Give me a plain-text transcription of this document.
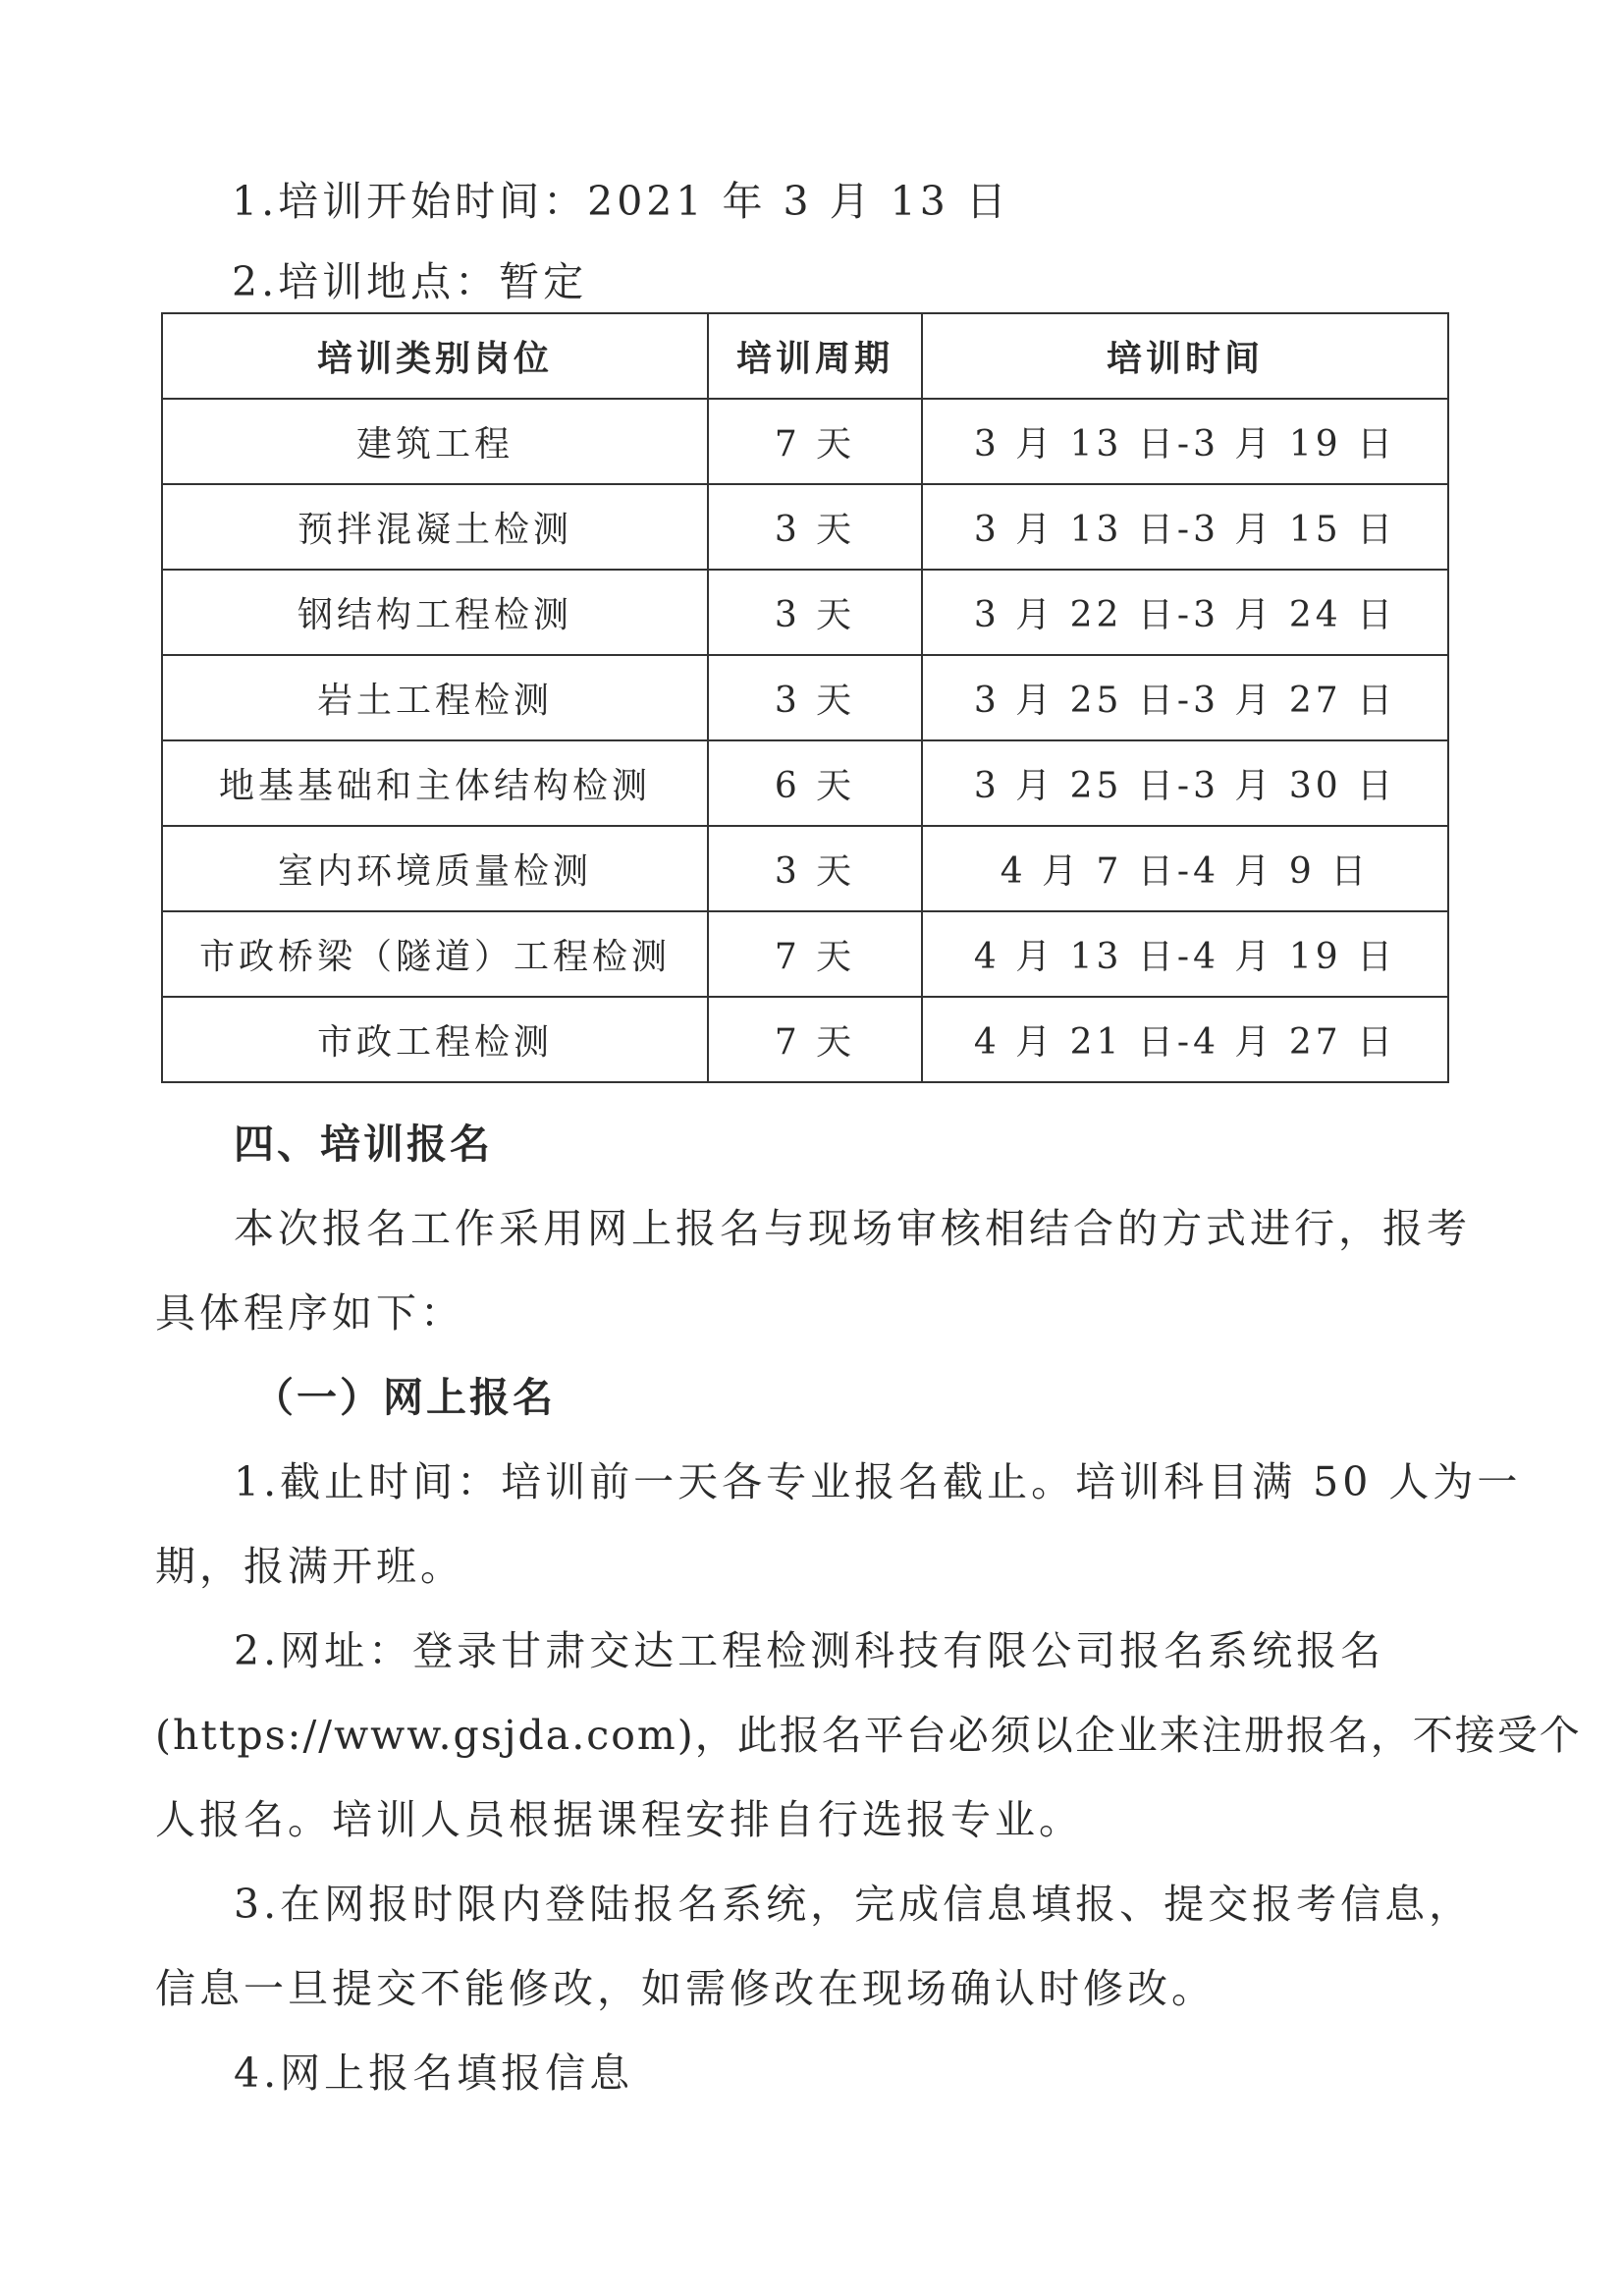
1.培训开始时间：2021 年 3 月 13 日
2.培训地点：暂定
培训类别岗位	培训周期	培训时间
建筑工程	7 天	3 月 13 日-3 月 19 日
预拌混凝土检测	3 天	3 月 13 日-3 月 15 日
钢结构工程检测	3 天	3 月 22 日-3 月 24 日
岩土工程检测	3 天	3 月 25 日-3 月 27 日
地基基础和主体结构检测	6 天	3 月 25 日-3 月 30 日
室内环境质量检测	3 天	4 月 7 日-4 月 9 日
市政桥梁（隧道）工程检测	7 天	4 月 13 日-4 月 19 日
市政工程检测	7 天	4 月 21 日-4 月 27 日
四、培训报名
本次报名工作采用网上报名与现场审核相结合的方式进行，报考
具体程序如下：
（一）网上报名
1.截止时间：培训前一天各专业报名截止。培训科目满 50 人为一
期，报满开班。
2.网址：登录甘肃交达工程检测科技有限公司报名系统报名
(https://www.gsjda.com)，此报名平台必须以企业来注册报名，不接受个
人报名。培训人员根据课程安排自行选报专业。
3.在网报时限内登陆报名系统，完成信息填报、提交报考信息，
信息一旦提交不能修改，如需修改在现场确认时修改。
4.网上报名填报信息
